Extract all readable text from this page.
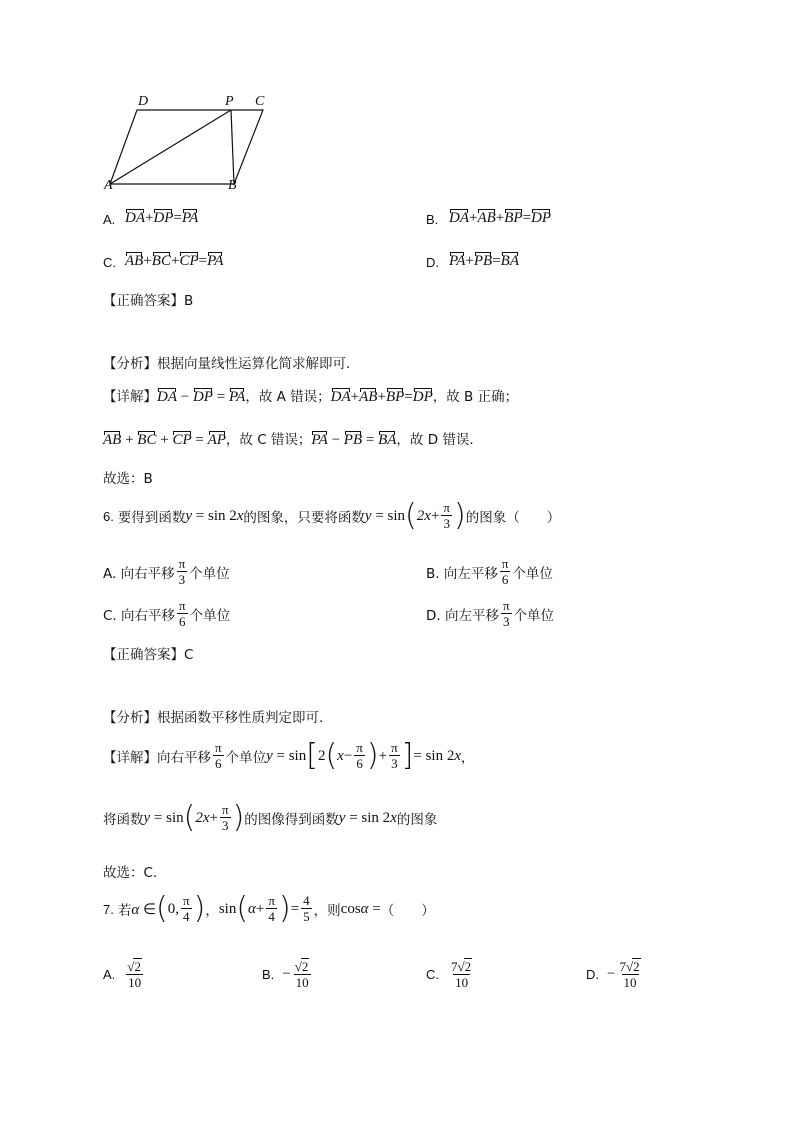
D	P C
A	B
A. DA+DP=PA	B. DA+AB+BP=DP
C. AB+BC+CP=PA	D. PA+PB=BA
【正确答案】B
【分析】根据向量线性运算化简求解即可.
【详解】DA − DP = PA，故 A 错误；DA+AB+BP=DP，故 B 正确；
AB + BC + CP = AP，故 C 错误；PA − PB = BA，故 D 错误.
故选：B
6.
要得到函数 y = sin 2x 的图象，只要将函数 y = sin ( $2x+ \frac{\pi}{3}$ ) 的图象（　　）
A. 向右平移
π
3 个单位	B. 向左平移
π
6 个单位
C. 向右平移
π
6 个单位	D. 向左平移
π
3 个单位
【正确答案】C
【分析】根据函数平移性质判定即可.
【详解】 向右平移
π
6 个单位 y = sin [ 2 ( $x- \frac{\pi}{6}$ ) + $\frac{\pi}{3}$ ] = sin 2x ，
将函数 y = sin ( $2x+ \frac{\pi}{3}$ ) 的图像得到函数 y = sin 2x 的图象
故选：C.
7.
若 α ∈ ( 0, π
4 ) ， sin ( $\alpha+ \frac{\pi}{4}$ ) = $\frac{4}{5}$ ，则 cosα = （　　）
A.

√2
10
B.
− $\frac{√2}{10}$	C.

7√2
10
D.
− $\frac{7√2}{10}$
